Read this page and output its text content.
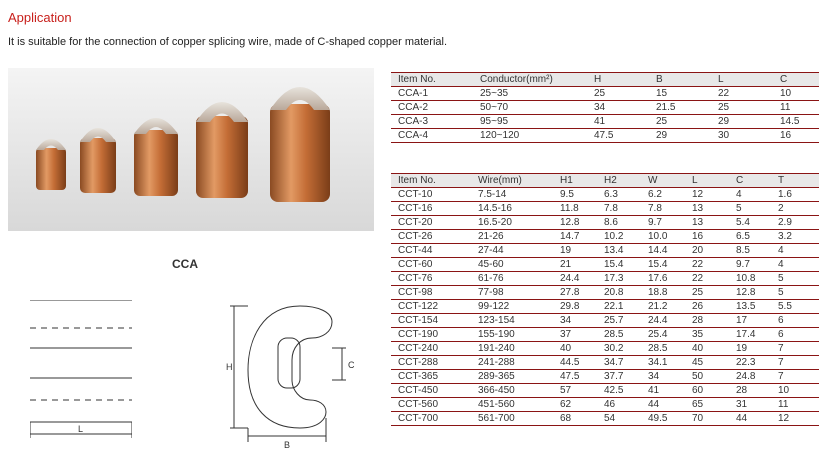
Application
It is suitable for the connection of copper splicing wire, made of C-shaped copper material.
CCA
L
H
B
C
Item No.	Conductor(mm²)	H	B	L	C
CCA-1	25~35	25	15	22	10
CCA-2	50~70	34	21.5	25	11
CCA-3	95~95	41	25	29	14.5
CCA-4	120~120	47.5	29	30	16
Item No.	Wire(mm)	H1	H2	W	L	C	T
CCT-10	7.5-14	9.5	6.3	6.2	12	4	1.6
CCT-16	14.5-16	11.8	7.8	7.8	13	5	2
CCT-20	16.5-20	12.8	8.6	9.7	13	5.4	2.9
CCT-26	21-26	14.7	10.2	10.0	16	6.5	3.2
CCT-44	27-44	19	13.4	14.4	20	8.5	4
CCT-60	45-60	21	15.4	15.4	22	9.7	4
CCT-76	61-76	24.4	17.3	17.6	22	10.8	5
CCT-98	77-98	27.8	20.8	18.8	25	12.8	5
CCT-122	99-122	29.8	22.1	21.2	26	13.5	5.5
CCT-154	123-154	34	25.7	24.4	28	17	6
CCT-190	155-190	37	28.5	25.4	35	17.4	6
CCT-240	191-240	40	30.2	28.5	40	19	7
CCT-288	241-288	44.5	34.7	34.1	45	22.3	7
CCT-365	289-365	47.5	37.7	34	50	24.8	7
CCT-450	366-450	57	42.5	41	60	28	10
CCT-560	451-560	62	46	44	65	31	11
CCT-700	561-700	68	54	49.5	70	44	12
